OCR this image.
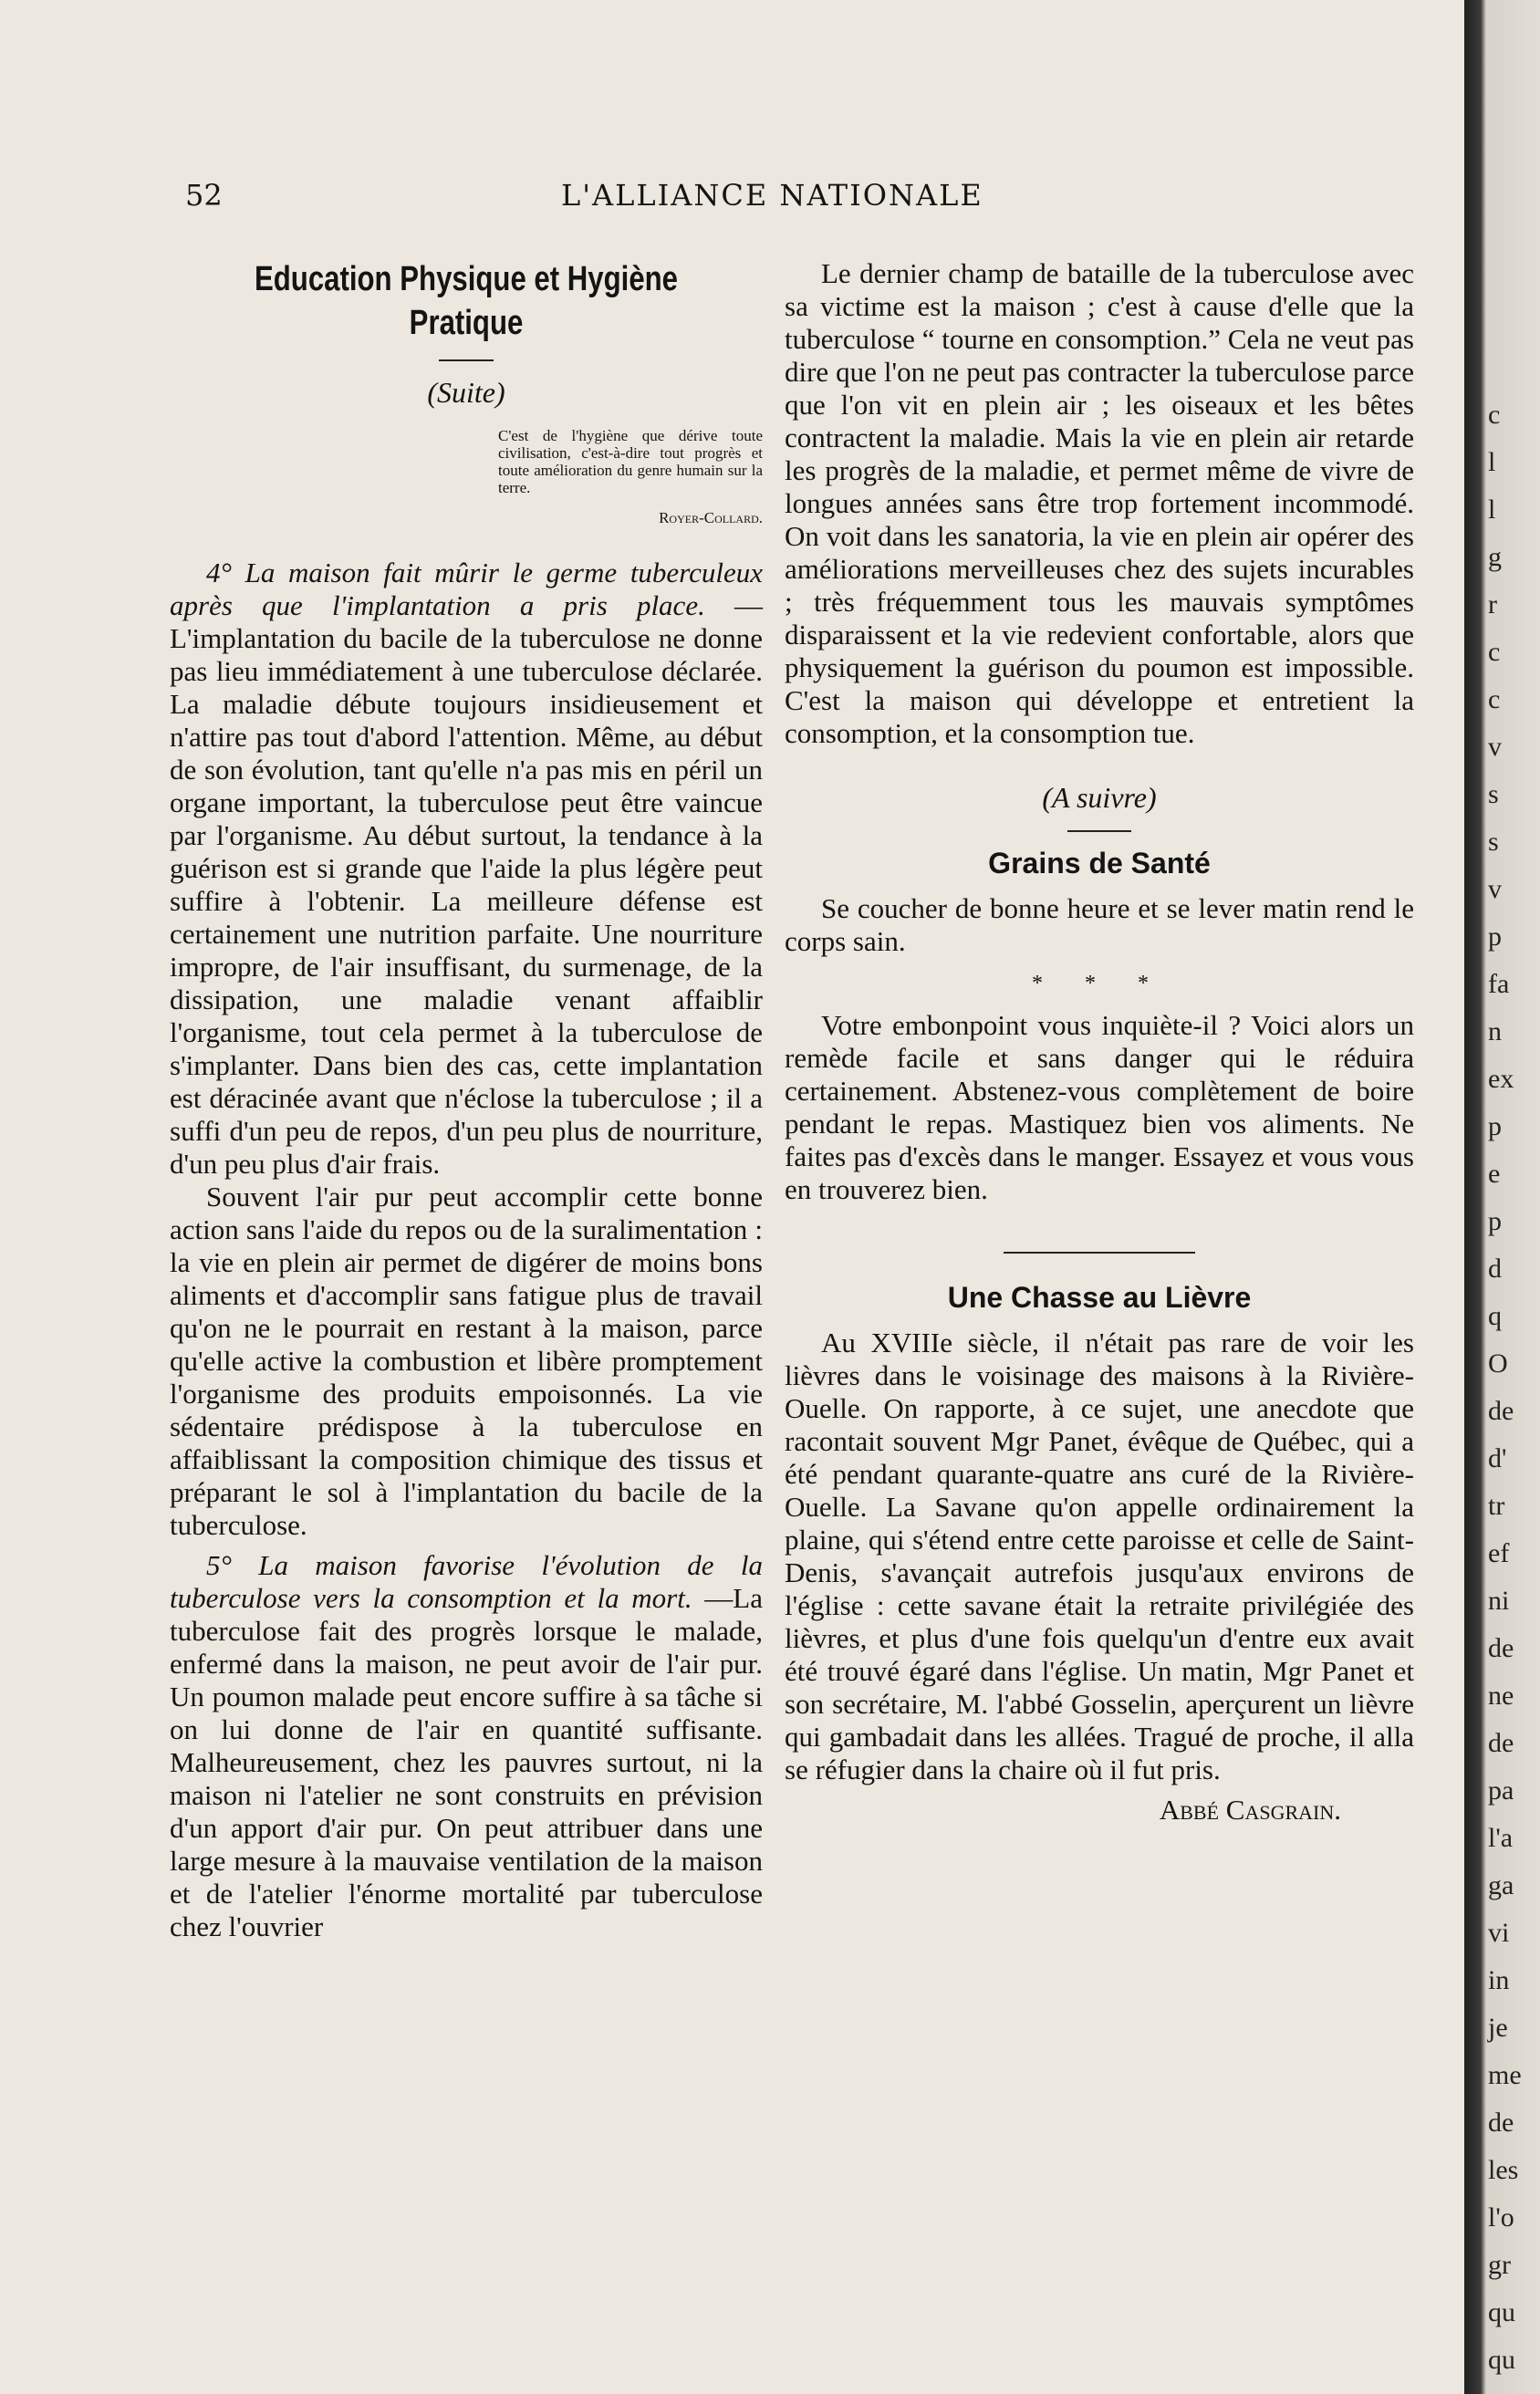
52	L'ALLIANCE NATIONALE
Education Physique et Hygiène
Pratique
(Suite)
C'est de l'hygiène que dérive toute civilisation, c'est-à-dire tout progrès et toute amélioration du genre humain sur la terre.
Royer-Collard.

4° La maison fait mûrir le germe tuberculeux après que l'implantation a pris place. — L'implantation du bacile de la tuberculose ne donne pas lieu immédiatement à une tuberculose déclarée. La maladie débute toujours insidieusement et n'attire pas tout d'abord l'attention. Même, au début de son évolution, tant qu'elle n'a pas mis en péril un organe important, la tuberculose peut être vaincue par l'organisme. Au début surtout, la tendance à la guérison est si grande que l'aide la plus légère peut suffire à l'obtenir. La meilleure défense est certainement une nutrition parfaite. Une nourriture impropre, de l'air insuffisant, du surmenage, de la dissipation, une maladie venant affaiblir l'organisme, tout cela permet à la tuberculose de s'implanter. Dans bien des cas, cette implantation est déracinée avant que n'éclose la tuberculose ; il a suffi d'un peu de repos, d'un peu plus de nourriture, d'un peu plus d'air frais.

Souvent l'air pur peut accomplir cette bonne action sans l'aide du repos ou de la suralimentation : la vie en plein air permet de digérer de moins bons aliments et d'accomplir sans fatigue plus de travail qu'on ne le pourrait en restant à la maison, parce qu'elle active la combustion et libère promptement l'organisme des produits empoisonnés. La vie sédentaire prédispose à la tuberculose en affaiblissant la composition chimique des tissus et préparant le sol à l'implantation du bacile de la tuberculose.

5° La maison favorise l'évolution de la tuberculose vers la consomption et la mort. —La tuberculose fait des progrès lorsque le malade, enfermé dans la maison, ne peut avoir de l'air pur. Un poumon malade peut encore suffire à sa tâche si on lui donne de l'air en quantité suffisante. Malheureusement, chez les pauvres surtout, ni la maison ni l'atelier ne sont construits en prévision d'un apport d'air pur. On peut attribuer dans une large mesure à la mauvaise ventilation de la maison et de l'atelier l'énorme mortalité par tuberculose chez l'ouvrier

Le dernier champ de bataille de la tuberculose avec sa victime est la maison ; c'est à cause d'elle que la tuberculose “ tourne en consomption.” Cela ne veut pas dire que l'on ne peut pas contracter la tuberculose parce que l'on vit en plein air ; les oiseaux et les bêtes contractent la maladie. Mais la vie en plein air retarde les progrès de la maladie, et permet même de vivre de longues années sans être trop fortement incommodé. On voit dans les sanatoria, la vie en plein air opérer des améliorations merveilleuses chez des sujets incurables ; très fréquemment tous les mauvais symptômes disparaissent et la vie redevient confortable, alors que physiquement la guérison du poumon est impossible. C'est la maison qui développe et entretient la consomption, et la consomption tue.

(A suivre)
Grains de Santé

Se coucher de bonne heure et se lever matin rend le corps sain.

* * *

Votre embonpoint vous inquiète-il ? Voici alors un remède facile et sans danger qui le réduira certainement. Abstenez-vous complètement de boire pendant le repas. Mastiquez bien vos aliments. Ne faites pas d'excès dans le manger. Essayez et vous vous en trouverez bien.

Une Chasse au Lièvre

Au XVIIIe siècle, il n'était pas rare de voir les lièvres dans le voisinage des maisons à la Rivière-Ouelle. On rapporte, à ce sujet, une anecdote que racontait souvent Mgr Panet, évêque de Québec, qui a été pendant quarante-quatre ans curé de la Rivière-Ouelle. La Savane qu'on appelle ordinairement la plaine, qui s'étend entre cette paroisse et celle de Saint-Denis, s'avançait autrefois jusqu'aux environs de l'église : cette savane était la retraite privilégiée des lièvres, et plus d'une fois quelqu'un d'entre eux avait été trouvé égaré dans l'église. Un matin, Mgr Panet et son secrétaire, M. l'abbé Gosselin, aperçurent un lièvre qui gambadait dans les allées. Tragué de proche, il alla se réfugier dans la chaire où il fut pris.

Abbé Casgrain.
c
l
l
g
r
c
c
v
s
s
v
p
fa
n
ex
p
e
p
d
q
O
de
d'
tr
ef
ni
de
ne
de
pa
l'a
ga
vi
in
je
me
de
les
l'o
gr
qu
qu
